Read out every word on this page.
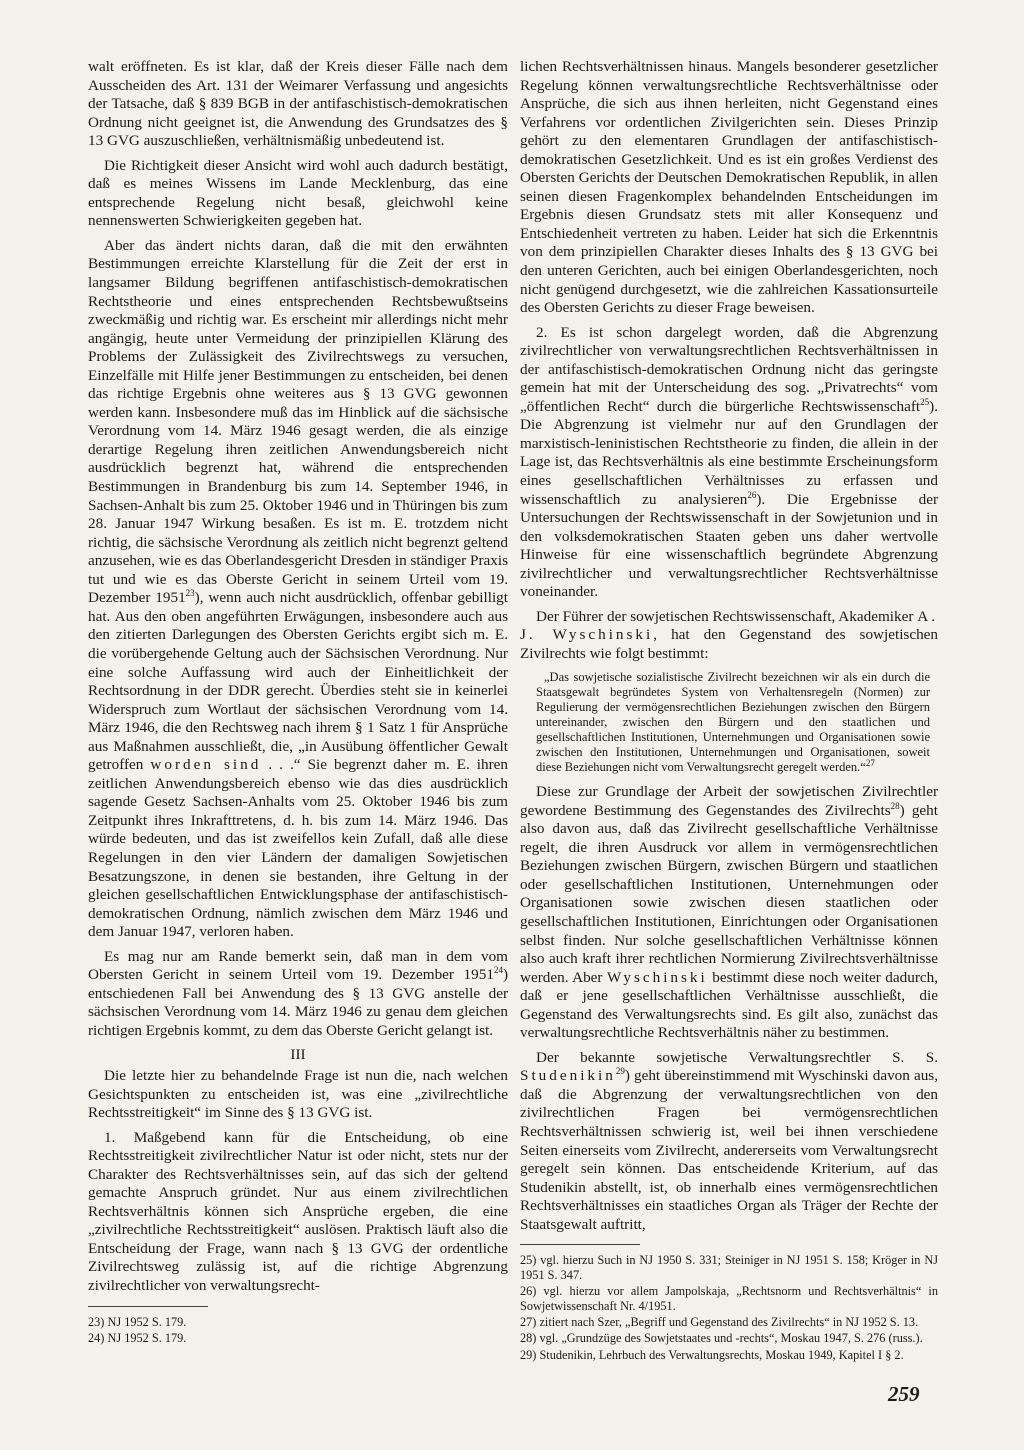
walt eröffneten. Es ist klar, daß der Kreis dieser Fälle nach dem Ausscheiden des Art. 131 der Weimarer Verfassung und angesichts der Tatsache, daß § 839 BGB in der antifaschistisch-demokratischen Ordnung nicht geeignet ist, die Anwendung des Grundsatzes des § 13 GVG auszuschließen, verhältnismäßig unbedeutend ist.

Die Richtigkeit dieser Ansicht wird wohl auch dadurch bestätigt, daß es meines Wissens im Lande Mecklenburg, das eine entsprechende Regelung nicht besaß, gleichwohl keine nennenswerten Schwierigkeiten gegeben hat.

Aber das ändert nichts daran, daß die mit den erwähnten Bestimmungen erreichte Klarstellung für die Zeit der erst in langsamer Bildung begriffenen antifaschistisch-demokratischen Rechtstheorie und eines entsprechenden Rechtsbewußtseins zweckmäßig und richtig war. Es erscheint mir allerdings nicht mehr angängig, heute unter Vermeidung der prinzipiellen Klärung des Problems der Zulässigkeit des Zivilrechtswegs zu versuchen, Einzelfälle mit Hilfe jener Bestimmungen zu entscheiden, bei denen das richtige Ergebnis ohne weiteres aus § 13 GVG gewonnen werden kann. Insbesondere muß das im Hinblick auf die sächsische Verordnung vom 14. März 1946 gesagt werden, die als einzige derartige Regelung ihren zeitlichen Anwendungsbereich nicht ausdrücklich begrenzt hat, während die entsprechenden Bestimmungen in Brandenburg bis zum 14. September 1946, in Sachsen-Anhalt bis zum 25. Oktober 1946 und in Thüringen bis zum 28. Januar 1947 Wirkung besaßen. Es ist m. E. trotzdem nicht richtig, die sächsische Verordnung als zeitlich nicht begrenzt geltend anzusehen, wie es das Oberlandesgericht Dresden in ständiger Praxis tut und wie es das Oberste Gericht in seinem Urteil vom 19. Dezember 1951$^{23}$), wenn auch nicht ausdrücklich, offenbar gebilligt hat. Aus den oben angeführten Erwägungen, insbesondere auch aus den zitierten Darlegungen des Obersten Gerichts ergibt sich m. E. die vorübergehende Geltung auch der Sächsischen Verordnung. Nur eine solche Auffassung wird auch der Einheitlichkeit der Rechtsordnung in der DDR gerecht. Überdies steht sie in keinerlei Widerspruch zum Wortlaut der sächsischen Verordnung vom 14. März 1946, die den Rechtsweg nach ihrem § 1 Satz 1 für Ansprüche aus Maßnahmen ausschließt, die, „in Ausübung öffentlicher Gewalt getroffen worden sind . . .“ Sie begrenzt daher m. E. ihren zeitlichen Anwendungsbereich ebenso wie das dies ausdrücklich sagende Gesetz Sachsen-Anhalts vom 25. Oktober 1946 bis zum Zeitpunkt ihres Inkrafttretens, d. h. bis zum 14. März 1946. Das würde bedeuten, und das ist zweifellos kein Zufall, daß alle diese Regelungen in den vier Ländern der damaligen Sowjetischen Besatzungszone, in denen sie bestanden, ihre Geltung in der gleichen gesellschaftlichen Entwicklungsphase der antifaschistisch-demokratischen Ordnung, nämlich zwischen dem März 1946 und dem Januar 1947, verloren haben.

Es mag nur am Rande bemerkt sein, daß man in dem vom Obersten Gericht in seinem Urteil vom 19. Dezember 1951$^{24}$) entschiedenen Fall bei Anwendung des § 13 GVG anstelle der sächsischen Verordnung vom 14. März 1946 zu genau dem gleichen richtigen Ergebnis kommt, zu dem das Oberste Gericht gelangt ist.

III

Die letzte hier zu behandelnde Frage ist nun die, nach welchen Gesichtspunkten zu entscheiden ist, was eine „zivilrechtliche Rechtsstreitigkeit“ im Sinne des § 13 GVG ist.

1. Maßgebend kann für die Entscheidung, ob eine Rechtsstreitigkeit zivilrechtlicher Natur ist oder nicht, stets nur der Charakter des Rechtsverhältnisses sein, auf das sich der geltend gemachte Anspruch gründet. Nur aus einem zivilrechtlichen Rechtsverhältnis können sich Ansprüche ergeben, die eine „zivilrechtliche Rechtsstreitigkeit“ auslösen. Praktisch läuft also die Entscheidung der Frage, wann nach § 13 GVG der ordentliche Zivilrechtsweg zulässig ist, auf die richtige Abgrenzung zivilrechtlicher von verwaltungsrecht-

23) NJ 1952 S. 179.
24) NJ 1952 S. 179.

lichen Rechtsverhältnissen hinaus. Mangels besonderer gesetzlicher Regelung können verwaltungsrechtliche Rechtsverhältnisse oder Ansprüche, die sich aus ihnen herleiten, nicht Gegenstand eines Verfahrens vor ordentlichen Zivilgerichten sein. Dieses Prinzip gehört zu den elementaren Grundlagen der antifaschistisch-demokratischen Gesetzlichkeit. Und es ist ein großes Verdienst des Obersten Gerichts der Deutschen Demokratischen Republik, in allen seinen diesen Fragenkomplex behandelnden Entscheidungen im Ergebnis diesen Grundsatz stets mit aller Konsequenz und Entschiedenheit vertreten zu haben. Leider hat sich die Erkenntnis von dem prinzipiellen Charakter dieses Inhalts des § 13 GVG bei den unteren Gerichten, auch bei einigen Oberlandesgerichten, noch nicht genügend durchgesetzt, wie die zahlreichen Kassationsurteile des Obersten Gerichts zu dieser Frage beweisen.

2. Es ist schon dargelegt worden, daß die Abgrenzung zivilrechtlicher von verwaltungsrechtlichen Rechtsverhältnissen in der antifaschistisch-demokratischen Ordnung nicht das geringste gemein hat mit der Unterscheidung des sog. „Privatrechts“ vom „öffentlichen Recht“ durch die bürgerliche Rechtswissenschaft$^{25}$). Die Abgrenzung ist vielmehr nur auf den Grundlagen der marxistisch-leninistischen Rechtstheorie zu finden, die allein in der Lage ist, das Rechtsverhältnis als eine bestimmte Erscheinungsform eines gesellschaftlichen Verhältnisses zu erfassen und wissenschaftlich zu analysieren$^{26}$). Die Ergebnisse der Untersuchungen der Rechtswissenschaft in der Sowjetunion und in den volksdemokratischen Staaten geben uns daher wertvolle Hinweise für eine wissenschaftlich begründete Abgrenzung zivilrechtlicher und verwaltungsrechtlicher Rechtsverhältnisse voneinander.

Der Führer der sowjetischen Rechtswissenschaft, Akademiker A. J. Wyschinski, hat den Gegenstand des sowjetischen Zivilrechts wie folgt bestimmt:

„Das sowjetische sozialistische Zivilrecht bezeichnen wir als ein durch die Staatsgewalt begründetes System von Verhaltensregeln (Normen) zur Regulierung der vermögensrechtlichen Beziehungen zwischen den Bürgern untereinander, zwischen den Bürgern und den staatlichen und gesellschaftlichen Institutionen, Unternehmungen und Organisationen sowie zwischen den Institutionen, Unternehmungen und Organisationen, soweit diese Beziehungen nicht vom Verwaltungsrecht geregelt werden.“$^{27}$

Diese zur Grundlage der Arbeit der sowjetischen Zivilrechtler gewordene Bestimmung des Gegenstandes des Zivilrechts$^{28}$) geht also davon aus, daß das Zivilrecht gesellschaftliche Verhältnisse regelt, die ihren Ausdruck vor allem in vermögensrechtlichen Beziehungen zwischen Bürgern, zwischen Bürgern und staatlichen oder gesellschaftlichen Institutionen, Unternehmungen oder Organisationen sowie zwischen diesen staatlichen oder gesellschaftlichen Institutionen, Einrichtungen oder Organisationen selbst finden. Nur solche gesellschaftlichen Verhältnisse können also auch kraft ihrer rechtlichen Normierung Zivilrechtsverhältnisse werden. Aber Wyschinski bestimmt diese noch weiter dadurch, daß er jene gesellschaftlichen Verhältnisse ausschließt, die Gegenstand des Verwaltungsrechts sind. Es gilt also, zunächst das verwaltungsrechtliche Rechtsverhältnis näher zu bestimmen.

Der bekannte sowjetische Verwaltungsrechtler S. S. Studenikin$^{29}$) geht übereinstimmend mit Wyschinski davon aus, daß die Abgrenzung der verwaltungsrechtlichen von den zivilrechtlichen Fragen bei vermögensrechtlichen Rechtsverhältnissen schwierig ist, weil bei ihnen verschiedene Seiten einerseits vom Zivilrecht, andererseits vom Verwaltungsrecht geregelt sein können. Das entscheidende Kriterium, auf das Studenikin abstellt, ist, ob innerhalb eines vermögensrechtlichen Rechtsverhältnisses ein staatliches Organ als Träger der Rechte der Staatsgewalt auftritt,

25) vgl. hierzu Such in NJ 1950 S. 331; Steiniger in NJ 1951 S. 158; Kröger in NJ 1951 S. 347.
26) vgl. hierzu vor allem Jampolskaja, „Rechtsnorm und Rechtsverhältnis“ in Sowjetwissenschaft Nr. 4/1951.
27) zitiert nach Szer, „Begriff und Gegenstand des Zivilrechts“ in NJ 1952 S. 13.
28) vgl. „Grundzüge des Sowjetstaates und -rechts“, Moskau 1947, S. 276 (russ.).
29) Studenikin, Lehrbuch des Verwaltungsrechts, Moskau 1949, Kapitel I § 2.
259
